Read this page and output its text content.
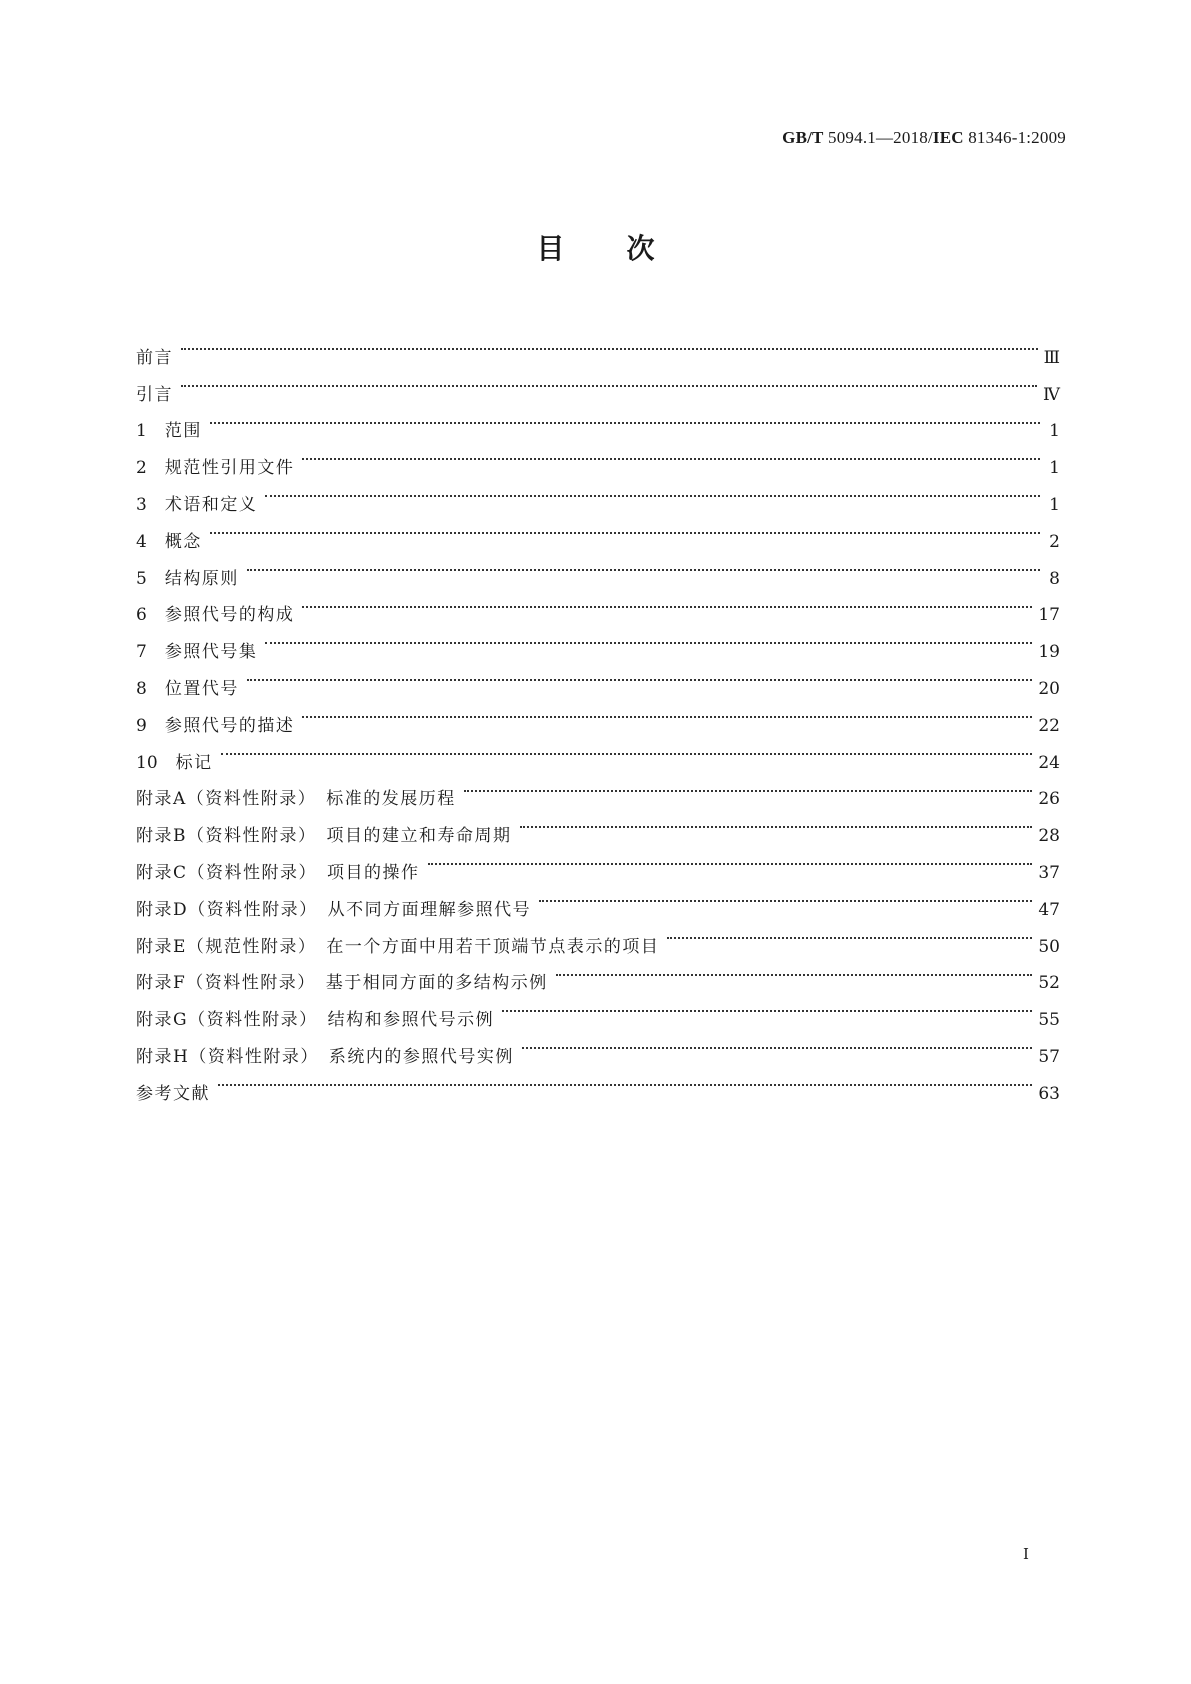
GB/T 5094.1—2018/IEC 81346-1:2009
目次
前言	Ⅲ
引言	Ⅳ
1 范围	1
2 规范性引用文件	1
3 术语和定义	1
4 概念	2
5 结构原则	8
6 参照代号的构成	17
7 参照代号集	19
8 位置代号	20
9 参照代号的描述	22
10 标记	24
附录A（资料性附录）　标准的发展历程	26
附录B（资料性附录）　项目的建立和寿命周期	28
附录C（资料性附录）　项目的操作	37
附录D（资料性附录）　从不同方面理解参照代号	47
附录E（规范性附录）　在一个方面中用若干顶端节点表示的项目	50
附录F（资料性附录）　基于相同方面的多结构示例	52
附录G（资料性附录）　结构和参照代号示例	55
附录H（资料性附录）　系统内的参照代号实例	57
参考文献	63
I
